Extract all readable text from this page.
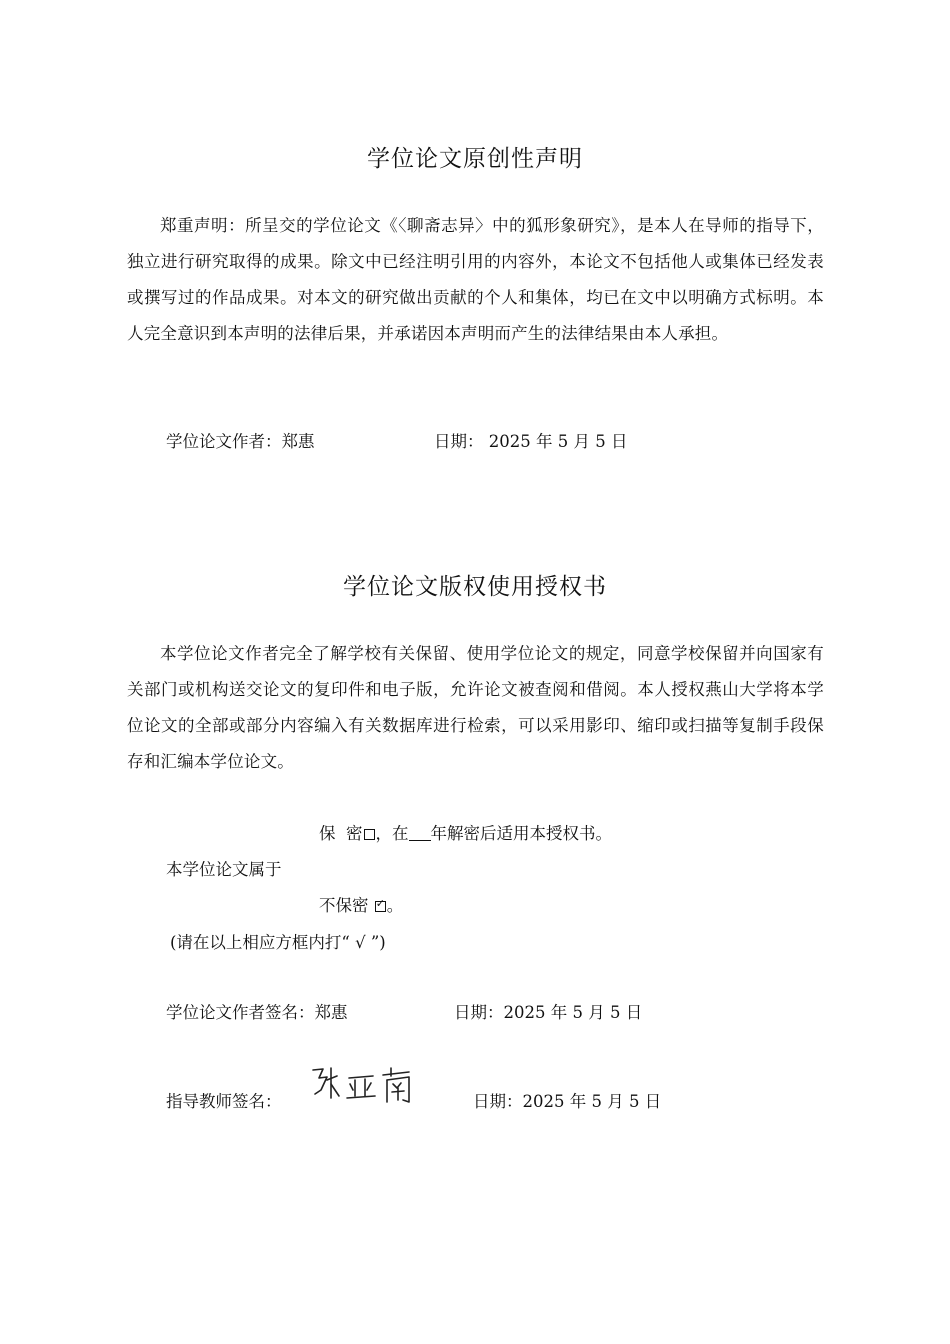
学位论文原创性声明

郑重声明：所呈交的学位论文《〈聊斋志异〉中的狐形象研究》，是本人在导师的指导下，独立进行研究取得的成果。除文中已经注明引用的内容外，本论文不包括他人或集体已经发表或撰写过的作品成果。对本文的研究做出贡献的个人和集体，均已在文中以明确方式标明。本人完全意识到本声明的法律后果，并承诺因本声明而产生的法律结果由本人承担。

学位论文作者：郑惠	日期： 2025 年 5 月 5 日
学位论文版权使用授权书

本学位论文作者完全了解学校有关保留、使用学位论文的规定，同意学校保留并向国家有关部门或机构送交论文的复印件和电子版，允许论文被查阅和借阅。本人授权燕山大学将本学位论文的全部或部分内容编入有关数据库进行检索，可以采用影印、缩印或扫描等复制手段保存和汇编本学位论文。

保  密 ，在 年解密后适用本授权书。
本学位论文属于
不保密 ✓ 。
(请在以上相应方框内打“ √ ”)
学位论文作者签名：郑惠	日期：2025 年 5 月 5 日
指导教师签名：	日期：2025 年 5 月 5 日
